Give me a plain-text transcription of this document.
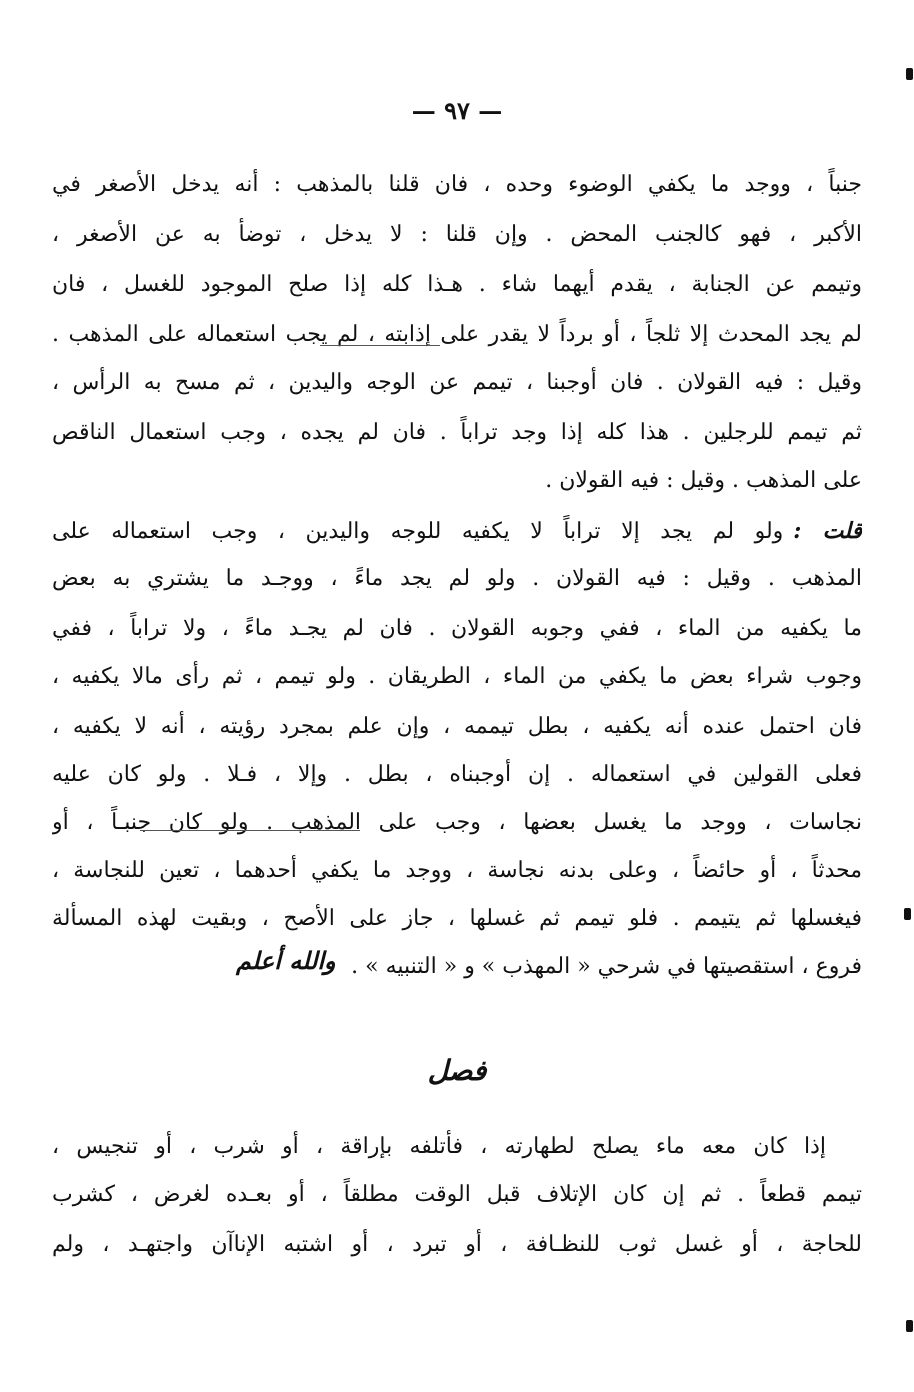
— ٩٧ —
جنباً ، ووجد ما يكفي الوضوء وحده ، فان قلنا بالمذهب : أنه يدخل الأصغر في
الأكبر ، فهو كالجنب المحض . وإن قلنا : لا يدخل ، توضأ به عن الأصغر ،
وتيمم عن الجنابة ، يقدم أيهما شاء . هـذا كله إذا صلح الموجود للغسل ، فان
لم يجد المحدث إلا ثلجاً ، أو برداً لا يقدر على إذابته ، لم يجب استعماله على المذهب .
وقيل : فيه القولان . فان أوجبنا ، تيمم عن الوجه واليدين ، ثم مسح به الرأس ،
ثم تيمم للرجلين . هذا كله إذا وجد تراباً . فان لم يجده ، وجب استعمال الناقص
على المذهب . وقيل : فيه القولان .
قلت :ولو لم يجد إلا تراباً لا يكفيه للوجه واليدين ، وجب استعماله على
المذهب . وقيل : فيه القولان . ولو لم يجد ماءً ، ووجـد ما يشتري به بعض
ما يكفيه من الماء ، ففي وجوبه القولان . فان لم يجـد ماءً ، ولا تراباً ، ففي
وجوب شراء بعض ما يكفي من الماء ، الطريقان . ولو تيمم ، ثم رأى مالا يكفيه ،
فان احتمل عنده أنه يكفيه ، بطل تيممه ، وإن علم بمجرد رؤيته ، أنه لا يكفيه ،
فعلى القولين في استعماله . إن أوجبناه ، بطل . وإلا ، فـلا . ولو كان عليه
نجاسات ، ووجد ما يغسل بعضها ، وجب على المذهب . ولو كان جنبـاً ، أو
محدثاً ، أو حائضاً ، وعلى بدنه نجاسة ، ووجد ما يكفي أحدهما ، تعين للنجاسة ،
فيغسلها ثم يتيمم . فلو تيمم ثم غسلها ، جاز على الأصح ، وبقيت لهذه المسألة
فروع ، استقصيتها في شرحي « المهذب » و « التنبيه » .
والله أعلم
فصل
إذا كان معه ماء يصلح لطهارته ، فأتلفه بإراقة ، أو شرب ، أو تنجيس ،
تيمم قطعاً . ثم إن كان الإتلاف قبل الوقت مطلقاً ، أو بعـده لغرض ، كشرب
للحاجة ، أو غسل ثوب للنظـافة ، أو تبرد ، أو اشتبه الإناآن واجتهـد ، ولم
